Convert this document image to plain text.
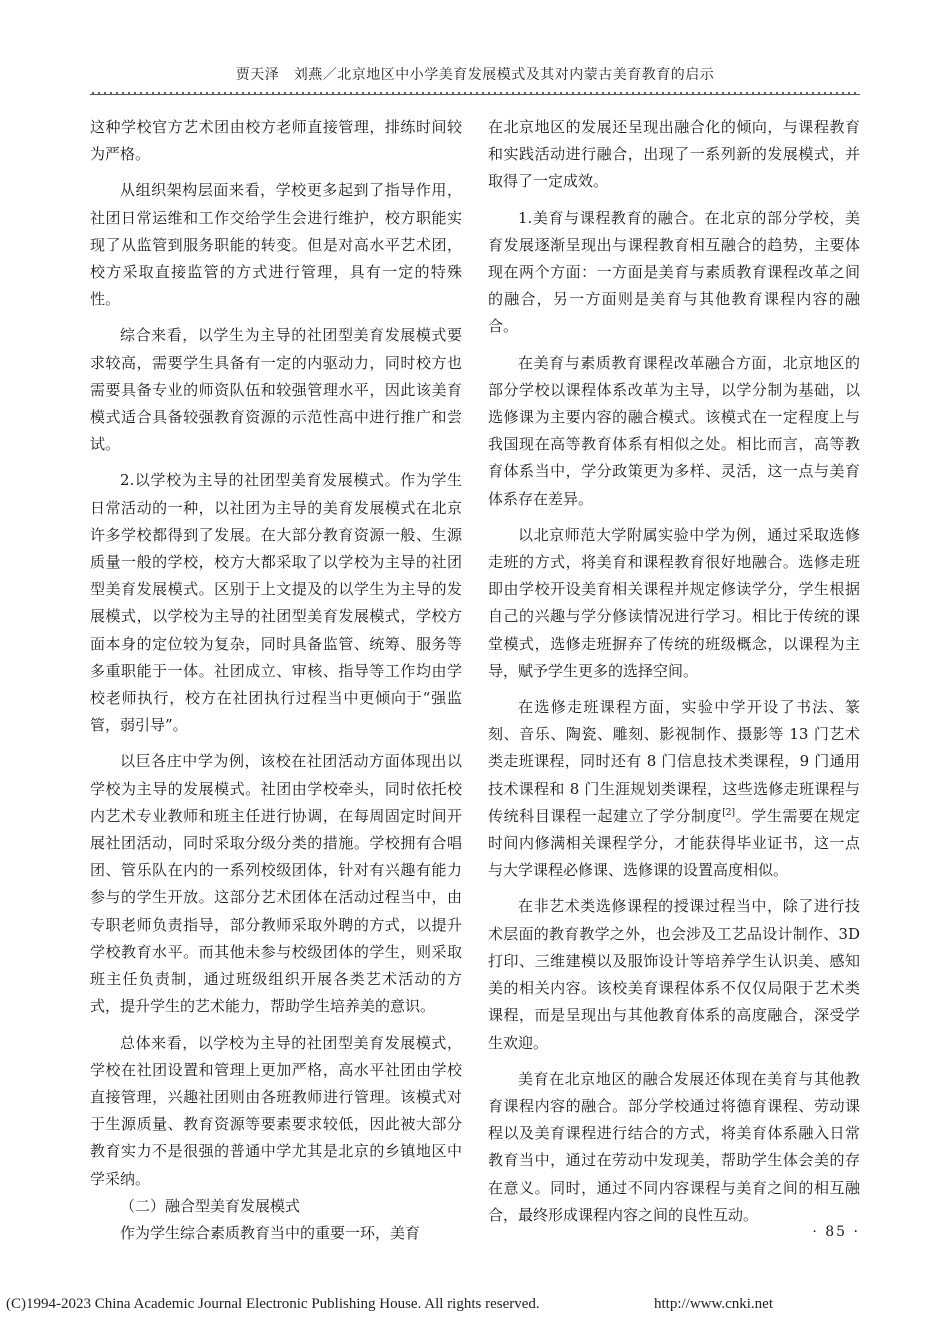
贾天泽　刘燕／北京地区中小学美育发展模式及其对内蒙古美育教育的启示

这种学校官方艺术团由校方老师直接管理，排练时间较为严格。

从组织架构层面来看，学校更多起到了指导作用，社团日常运维和工作交给学生会进行维护，校方职能实现了从监管到服务职能的转变。但是对高水平艺术团，校方采取直接监管的方式进行管理，具有一定的特殊性。

综合来看，以学生为主导的社团型美育发展模式要求较高，需要学生具备有一定的内驱动力，同时校方也需要具备专业的师资队伍和较强管理水平，因此该美育模式适合具备较强教育资源的示范性高中进行推广和尝试。

2.以学校为主导的社团型美育发展模式。作为学生日常活动的一种，以社团为主导的美育发展模式在北京许多学校都得到了发展。在大部分教育资源一般、生源质量一般的学校，校方大都采取了以学校为主导的社团型美育发展模式。区别于上文提及的以学生为主导的发展模式，以学校为主导的社团型美育发展模式，学校方面本身的定位较为复杂，同时具备监管、统筹、服务等多重职能于一体。社团成立、审核、指导等工作均由学校老师执行，校方在社团执行过程当中更倾向于“强监管，弱引导”。

以巨各庄中学为例，该校在社团活动方面体现出以学校为主导的发展模式。社团由学校牵头，同时依托校内艺术专业教师和班主任进行协调，在每周固定时间开展社团活动，同时采取分级分类的措施。学校拥有合唱团、管乐队在内的一系列校级团体，针对有兴趣有能力参与的学生开放。这部分艺术团体在活动过程当中，由专职老师负责指导，部分教师采取外聘的方式，以提升学校教育水平。而其他未参与校级团体的学生，则采取班主任负责制，通过班级组织开展各类艺术活动的方式，提升学生的艺术能力，帮助学生培养美的意识。

总体来看，以学校为主导的社团型美育发展模式，学校在社团设置和管理上更加严格，高水平社团由学校直接管理，兴趣社团则由各班教师进行管理。该模式对于生源质量、教育资源等要素要求较低，因此被大部分教育实力不是很强的普通中学尤其是北京的乡镇地区中学采纳。

（二）融合型美育发展模式

作为学生综合素质教育当中的重要一环，美育

在北京地区的发展还呈现出融合化的倾向，与课程教育和实践活动进行融合，出现了一系列新的发展模式，并取得了一定成效。

1.美育与课程教育的融合。在北京的部分学校，美育发展逐渐呈现出与课程教育相互融合的趋势，主要体现在两个方面：一方面是美育与素质教育课程改革之间的融合，另一方面则是美育与其他教育课程内容的融合。

在美育与素质教育课程改革融合方面，北京地区的部分学校以课程体系改革为主导，以学分制为基础，以选修课为主要内容的融合模式。该模式在一定程度上与我国现在高等教育体系有相似之处。相比而言，高等教育体系当中，学分政策更为多样、灵活，这一点与美育体系存在差异。

以北京师范大学附属实验中学为例，通过采取选修走班的方式，将美育和课程教育很好地融合。选修走班即由学校开设美育相关课程并规定修读学分，学生根据自己的兴趣与学分修读情况进行学习。相比于传统的课堂模式，选修走班摒弃了传统的班级概念，以课程为主导，赋予学生更多的选择空间。

在选修走班课程方面，实验中学开设了书法、篆刻、音乐、陶瓷、雕刻、影视制作、摄影等 13 门艺术类走班课程，同时还有 8 门信息技术类课程，9 门通用技术课程和 8 门生涯规划类课程，这些选修走班课程与传统科目课程一起建立了学分制度[2]。学生需要在规定时间内修满相关课程学分，才能获得毕业证书，这一点与大学课程必修课、选修课的设置高度相似。

在非艺术类选修课程的授课过程当中，除了进行技术层面的教育教学之外，也会涉及工艺品设计制作、3D 打印、三维建模以及服饰设计等培养学生认识美、感知美的相关内容。该校美育课程体系不仅仅局限于艺术类课程，而是呈现出与其他教育体系的高度融合，深受学生欢迎。

美育在北京地区的融合发展还体现在美育与其他教育课程内容的融合。部分学校通过将德育课程、劳动课程以及美育课程进行结合的方式，将美育体系融入日常教育当中，通过在劳动中发现美，帮助学生体会美的存在意义。同时，通过不同内容课程与美育之间的相互融合，最终形成课程内容之间的良性互动。

· 85 ·
(C)1994-2023 China Academic Journal Electronic Publishing House. All rights reserved.	http://www.cnki.net
